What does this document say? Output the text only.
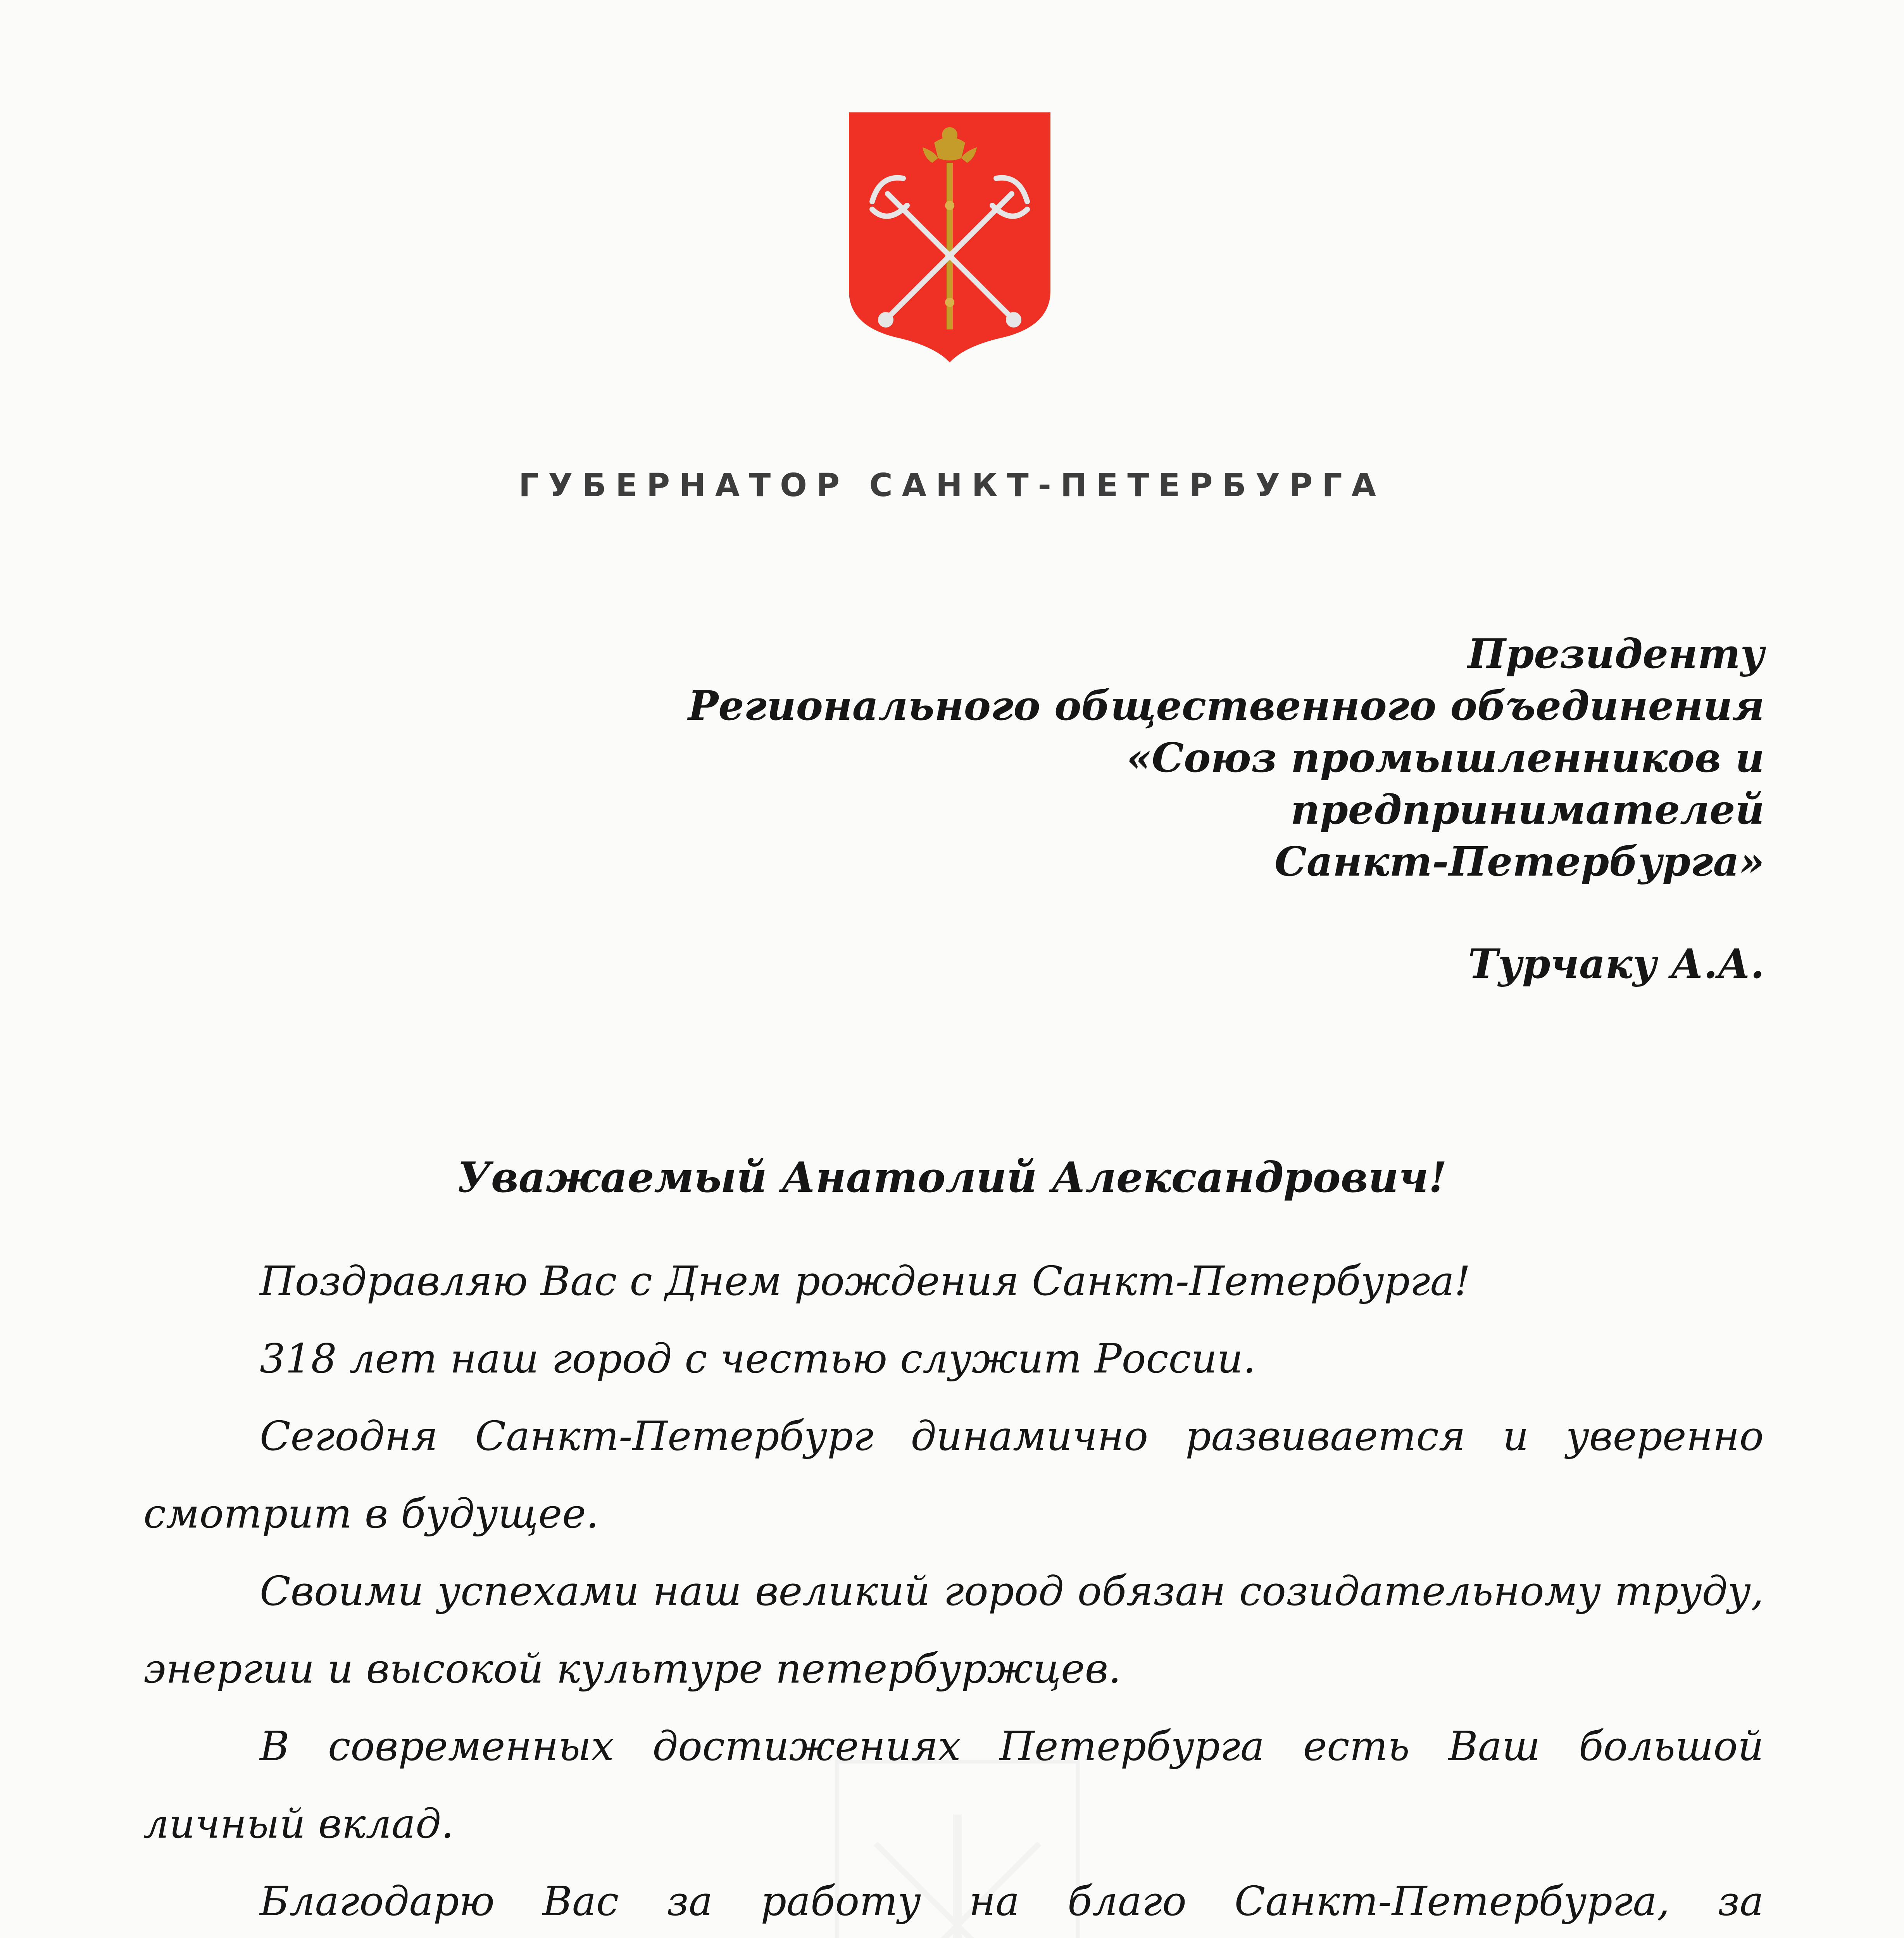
ГУБЕРНАТОР САНКТ-ПЕТЕРБУРГА
Президенту
Регионального общественного объединения
«Союз промышленников и предпринимателей
Санкт-Петербурга»
Турчаку А.А.
Уважаемый Анатолий Александрович!

Поздравляю Вас с Днем рождения Санкт-Петербурга!

318 лет наш город с честью служит России.

Сегодня Санкт-Петербург динамично развивается и уверенно смотрит в будущее.

Своими успехами наш великий город обязан созидательному труду, энергии и высокой культуре петербуржцев.

В современных достижениях Петербурга есть Ваш большой личный вклад.

Благодарю Вас за работу на благо Санкт-Петербурга, за
